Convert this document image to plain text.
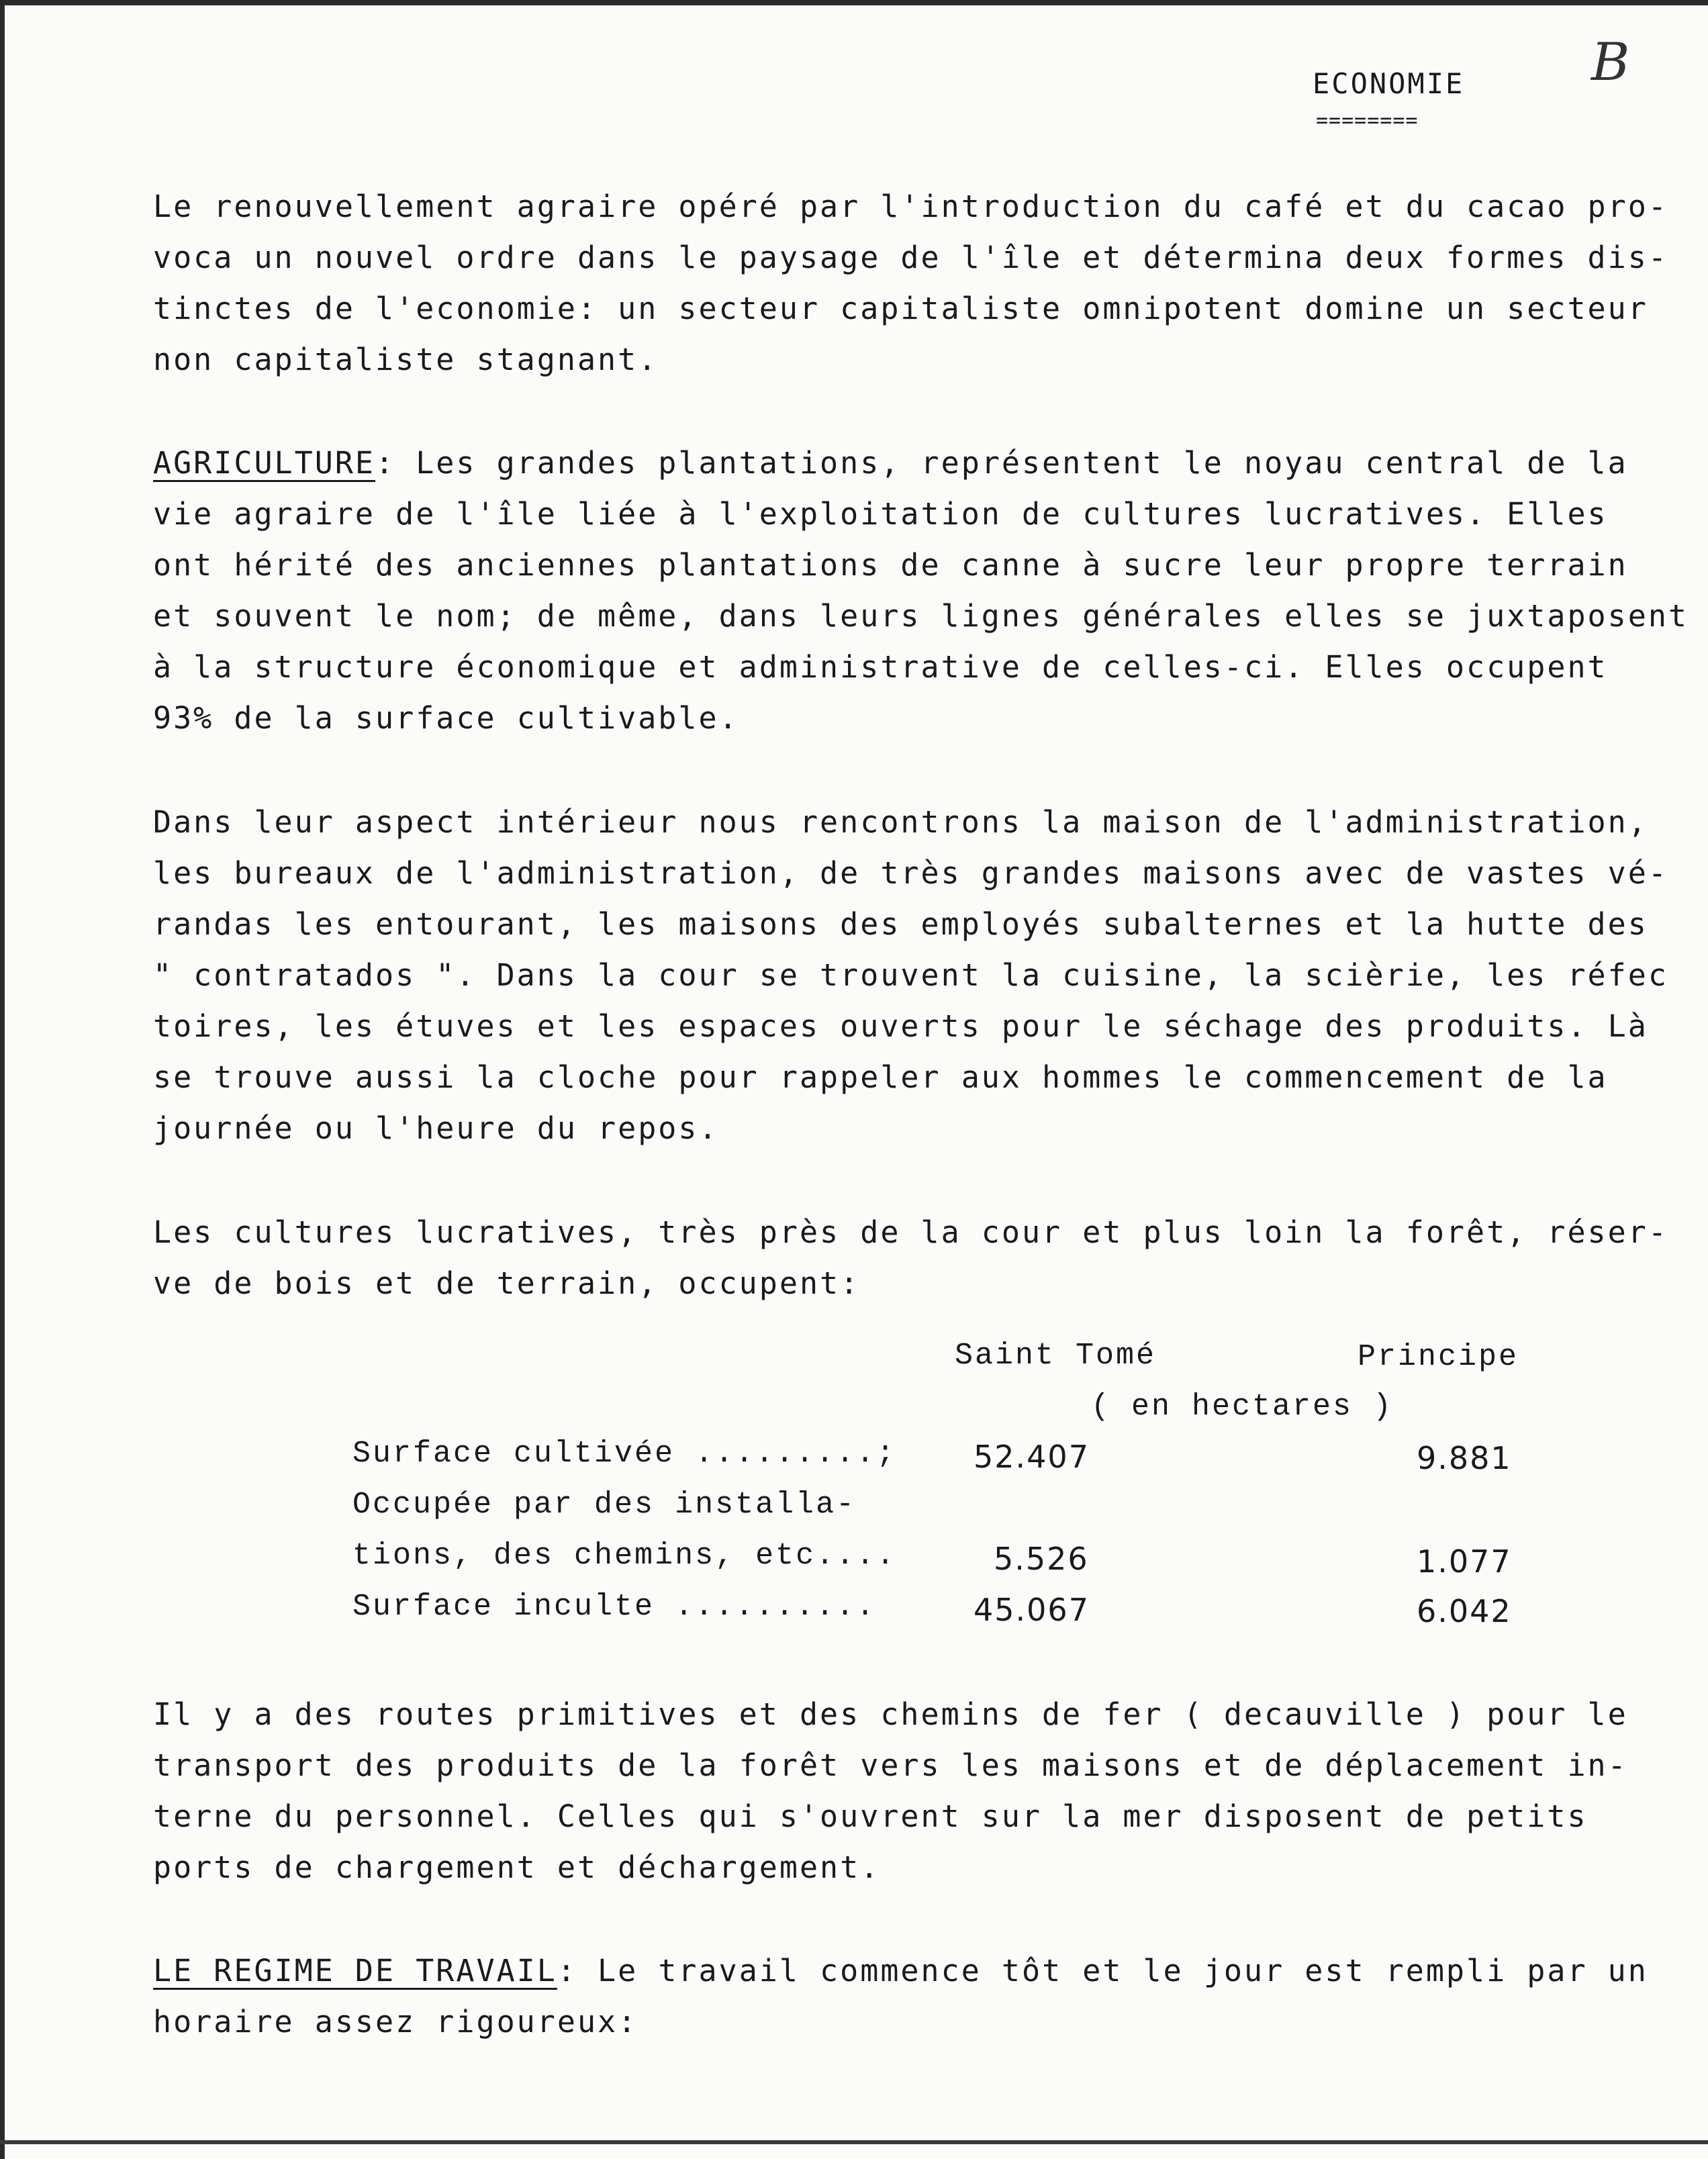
ECONOMIE
========
B
Le renouvellement agraire opéré par l'introduction du café et du cacao pro-
voca un nouvel ordre dans le paysage de l'île et détermina deux formes dis-
tinctes de l'economie: un secteur capitaliste omnipotent domine un secteur
non capitaliste stagnant.
AGRICULTURE: Les grandes plantations, représentent le noyau central de la
vie agraire de l'île liée à l'exploitation de cultures lucratives. Elles
ont hérité des anciennes plantations de canne à sucre leur propre terrain
et souvent le nom; de même, dans leurs lignes générales elles se juxtaposent
à la structure économique et administrative de celles-ci. Elles occupent
93% de la surface cultivable.
Dans leur aspect intérieur nous rencontrons la maison de l'administration,
les bureaux de l'administration, de très grandes maisons avec de vastes vé-
randas les entourant, les maisons des employés subalternes et la hutte des
" contratados ". Dans la cour se trouvent la cuisine, la scièrie, les réfec
toires, les étuves et les espaces ouverts pour le séchage des produits. Là
se trouve aussi la cloche pour rappeler aux hommes le commencement de la
journée ou l'heure du repos.
Les cultures lucratives, très près de la cour et plus loin la forêt, réser-
ve de bois et de terrain, occupent:
Saint Tomé	Principe
( en hectares )
Surface cultivée .........; 52.407	9.881
Occupée par des installa-
tions, des chemins, etc....	5.526	1.077
Surface inculte ..........	45.067	6.042
Il y a des routes primitives et des chemins de fer ( decauville ) pour le
transport des produits de la forêt vers les maisons et de déplacement in-
terne du personnel. Celles qui s'ouvrent sur la mer disposent de petits
ports de chargement et déchargement.
LE REGIME DE TRAVAIL: Le travail commence tôt et le jour est rempli par un
horaire assez rigoureux:
